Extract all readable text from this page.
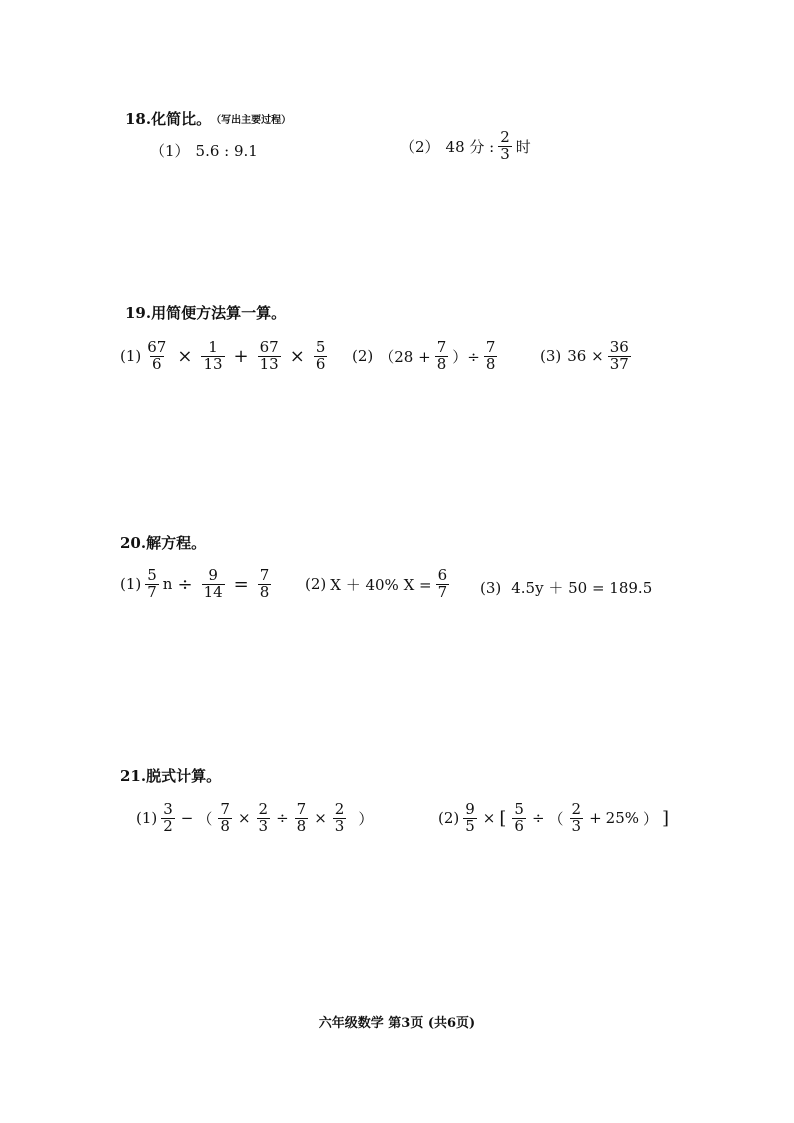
18.化简比。 （写出主要过程）
（1） 5.6 : 9.1	（2） 48 分 : $\frac{2}{3}$ 时
19.用简便方法算一算。
$(1) \frac{67}{6} \times \frac{1}{13} + \frac{67}{13} \times \frac{5}{6} (2) (28 + \frac{7}{8}$ ）÷ $\frac{7}{8}$	(3) $36 \times \frac{36}{37}$
20.解方程。
$(1) \frac{5}{7}$ $n \div \frac{9}{14} = \frac{7}{8} (2) X + 40\%$ $X = \frac{6}{7} (3) 4.5y + 50 = 189.5$
21.脱式计算。
$(1) \frac{3}{2}$ − （ $\frac{7}{8} \times \frac{2}{3} \div \frac{7}{8} \times \frac{2}{3}$ ）	$(2) \frac{9}{5}$ × [ $\frac{5}{6}$ ÷ （ $\frac{2}{3} + 25\%$ ） ]
六年级数学 第3页 (共6页)
